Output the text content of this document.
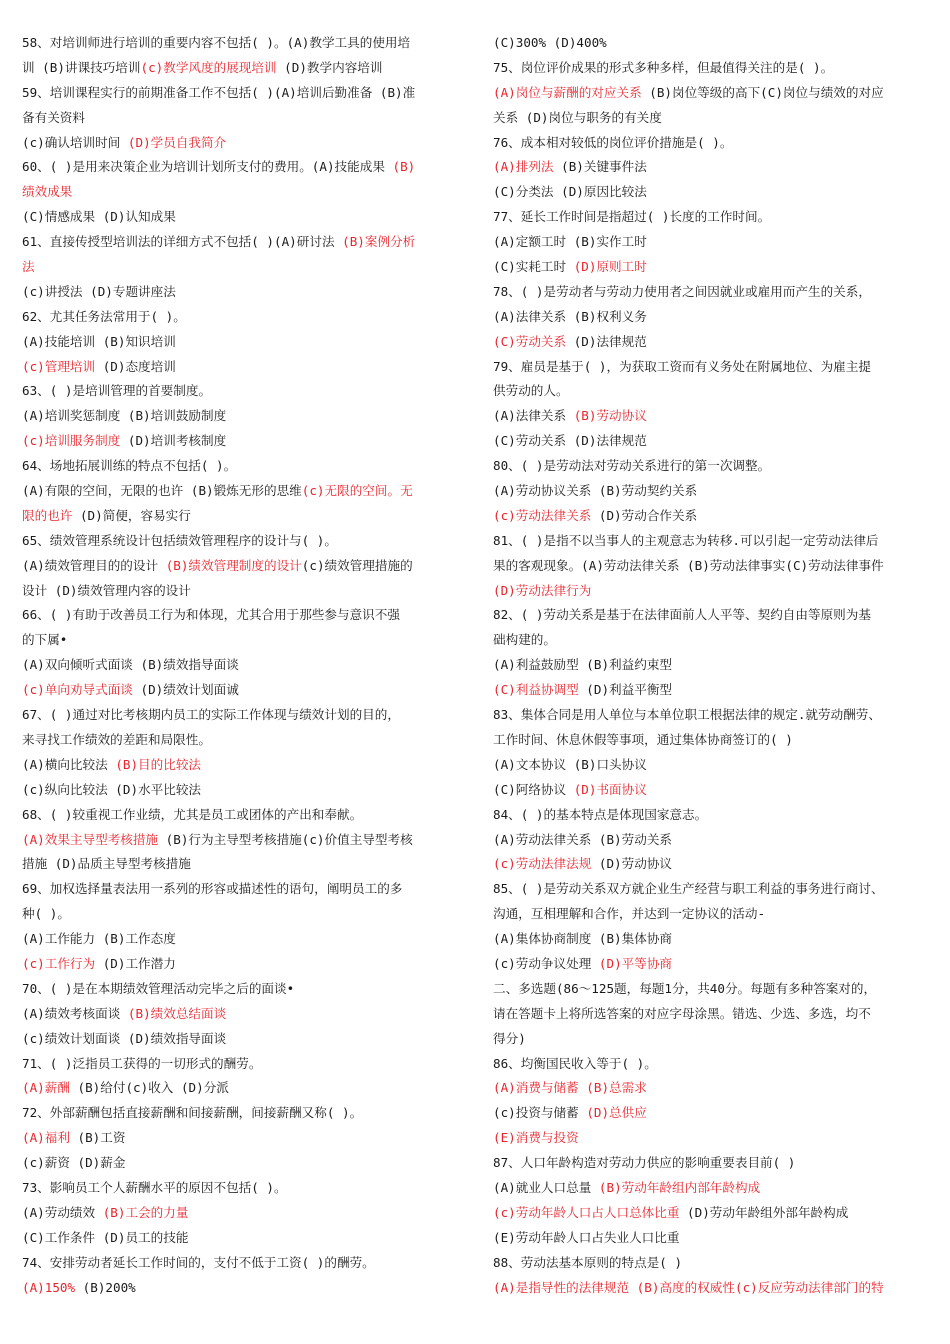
58、对培训师进行培训的重要内容不包括( )。(A)教学工具的使用培
训 (B)讲课技巧培训(c)教学风度的展现培训 (D)教学内容培训
59、培训课程实行的前期准备工作不包括( )(A)培训后勤准备 (B)准
备有关资料
(c)确认培训时间 (D)学员自我简介
60、( )是用来决策企业为培训计划所支付的费用。(A)技能成果 (B)
绩效成果
(C)情感成果 (D)认知成果
61、直接传授型培训法的详细方式不包括( )(A)研讨法 (B)案例分析
法
(c)讲授法 (D)专题讲座法
62、尤其任务法常用于( )。
(A)技能培训 (B)知识培训
(c)管理培训 (D)态度培训
63、( )是培训管理的首要制度。
(A)培训奖惩制度 (B)培训鼓励制度
(c)培训服务制度 (D)培训考核制度
64、场地拓展训练的特点不包括( )。
(A)有限的空间，无限的也许 (B)锻炼无形的思维(c)无限的空间。无
限的也许 (D)简便，容易实行
65、绩效管理系统设计包括绩效管理程序的设计与( )。
(A)绩效管理目的的设计 (B)绩效管理制度的设计(c)绩效管理措施的
设计 (D)绩效管理内容的设计
66、( )有助于改善员工行为和体现，尤其合用于那些参与意识不强
的下属•
(A)双向倾听式面谈 (B)绩效指导面谈
(c)单向劝导式面谈 (D)绩效计划面诚
67、( )通过对比考核期内员工的实际工作体现与绩效计划的目的，
来寻找工作绩效的差距和局限性。
(A)横向比较法 (B)目的比较法
(c)纵向比较法 (D)水平比较法
68、( )较重视工作业绩，尤其是员工或团体的产出和奉献。
(A)效果主导型考核措施 (B)行为主导型考核措施(c)价值主导型考核
措施 (D)品质主导型考核措施
69、加权选择量表法用一系列的形容或描述性的语句，阐明员工的多
种( )。
(A)工作能力 (B)工作态度
(c)工作行为 (D)工作潜力
70、( )是在本期绩效管理活动完毕之后的面谈•
(A)绩效考核面谈 (B)绩效总结面谈
(c)绩效计划面谈 (D)绩效指导面谈
71、( )泛指员工获得的一切形式的酬劳。
(A)薪酬 (B)给付(c)收入 (D)分派
72、外部薪酬包括直接薪酬和间接薪酬，间接薪酬又称( )。
(A)福利 (B)工资
(c)薪资 (D)薪金
73、影响员工个人薪酬水平的原因不包括( )。
(A)劳动绩效 (B)工会的力量
(C)工作条件 (D)员工的技能
74、安排劳动者延长工作时间的，支付不低于工资( )的酬劳。
(A)150% (B)200%
(C)300% (D)400%
75、岗位评价成果的形式多种多样，但最值得关注的是( )。
(A)岗位与薪酬的对应关系 (B)岗位等级的高下(C)岗位与绩效的对应
关系 (D)岗位与职务的有关度
76、成本相对较低的岗位评价措施是( )。
(A)排列法 (B)关键事件法
(C)分类法 (D)原因比较法
77、延长工作时间是指超过( )长度的工作时间。
(A)定额工时 (B)实作工时
(C)实耗工时 (D)原则工时
78、( )是劳动者与劳动力使用者之间因就业或雇用而产生的关系，
(A)法律关系 (B)权利义务
(C)劳动关系 (D)法律规范
79、雇员是基于( )，为获取工资而有义务处在附属地位、为雇主提
供劳动的人。
(A)法律关系 (B)劳动协议
(C)劳动关系 (D)法律规范
80、( )是劳动法对劳动关系进行的第一次调整。
(A)劳动协议关系 (B)劳动契约关系
(c)劳动法律关系 (D)劳动合作关系
81、( )是指不以当事人的主观意志为转移.可以引起一定劳动法律后
果的客观现象。(A)劳动法律关系 (B)劳动法律事实(C)劳动法律事件
(D)劳动法律行为
82、( )劳动关系是基于在法律面前人人平等、契约自由等原则为基
础构建的。
(A)利益鼓励型 (B)利益约束型
(C)利益协调型 (D)利益平衡型
83、集体合同是用人单位与本单位职工根据法律的规定.就劳动酬劳、
工作时间、休息休假等事项，通过集体协商签订的( )
(A)文本协议 (B)口头协议
(C)阿络协议 (D)书面协议
84、( )的基本特点是体现国家意志。
(A)劳动法律关系 (B)劳动关系
(c)劳动法律法规 (D)劳动协议
85、( )是劳动关系双方就企业生产经营与职工利益的事务进行商讨、
沟通，互相理解和合作，并达到一定协议的活动-
(A)集体协商制度 (B)集体协商
(c)劳动争议处理 (D)平等协商
二、多选题(86～125题，每题1分，共40分。每题有多种答案对的，
请在答题卡上将所选答案的对应字母涂黑。错选、少选、多选，均不
得分)
86、均衡国民收入等于( )。
(A)消费与储蓄 (B)总需求
(c)投资与储蓄 (D)总供应
(E)消费与投资
87、人口年龄构造对劳动力供应的影响重要表目前( )
(A)就业人口总量 (B)劳动年龄组内部年龄构成
(c)劳动年龄人口占人口总体比重 (D)劳动年龄组外部年龄构成
(E)劳动年龄人口占失业人口比重
88、劳动法基本原则的特点是( )
(A)是指导性的法律规范 (B)高度的权威性(c)反应劳动法律部门的特
